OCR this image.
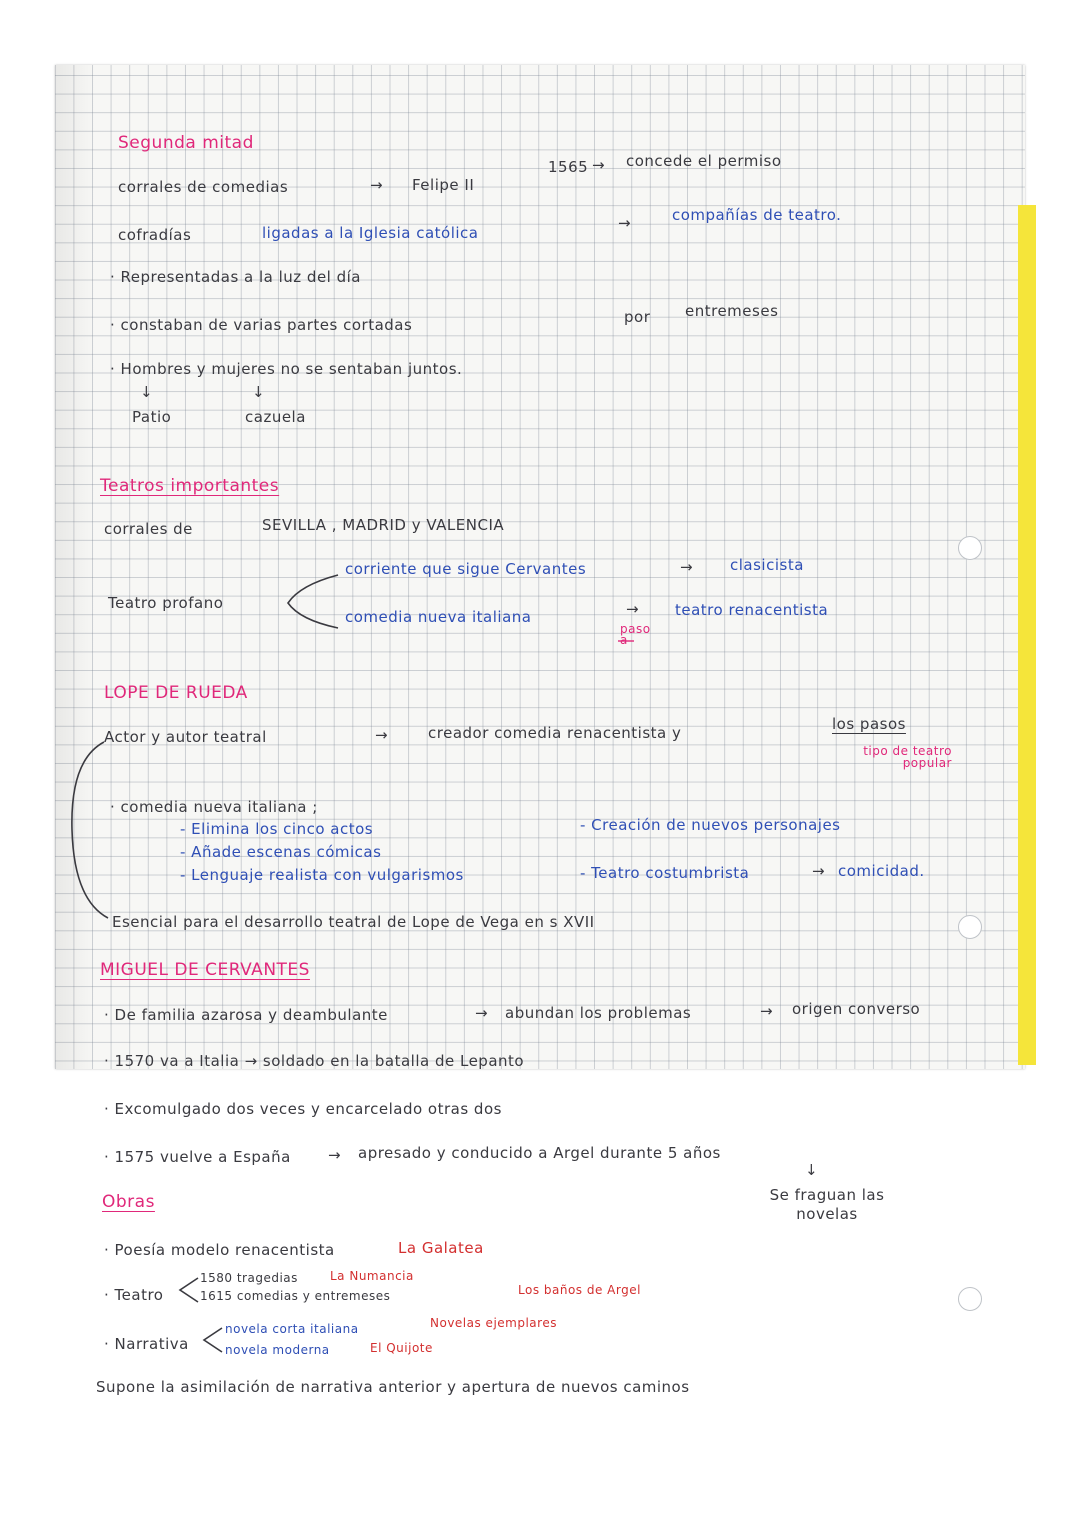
Segunda mitad
corrales de comedias	→ Felipe II
1565 → concede el permiso
cofradías	ligadas a la Iglesia católica
→	compañías de teatro.
· Representadas a la luz del día
· constaban de varias partes cortadas	por entremeses
· Hombres y mujeres no se sentaban juntos.
↓	↓
Patio	cazuela
Teatros importantes
corrales de	SEVILLA , MADRID y VALENCIA
Teatro profano
corriente que sigue Cervantes	→ clasicista
comedia nueva italiana	→ teatro renacentista
paso a
LOPE DE RUEDA
Actor y autor teatral	→	creador comedia renacentista y	los pasos
tipo de teatro popular
· comedia nueva italiana ;
- Elimina los cinco actos
- Añade escenas cómicas
- Lenguaje realista con vulgarismos
- Creación de nuevos personajes
- Teatro costumbrista	→ comicidad.
Esencial para el desarrollo teatral de Lope de Vega en s XVII
MIGUEL DE CERVANTES
· De familia azarosa y deambulante	→ abundan los problemas	→ origen converso
· 1570 va a Italia → soldado en la batalla de Lepanto
· Excomulgado dos veces y encarcelado otras dos
· 1575 vuelve a España → apresado y conducido a Argel durante 5 años
↓
Se fraguan las novelas
Obras
· Poesía modelo renacentista	La Galatea
· Teatro
1580 tragedias	La Numancia
1615 comedias y entremeses	Los baños de Argel
· Narrativa
novela corta italiana	Novelas ejemplares
novela moderna	El Quijote
Supone la asimilación de narrativa anterior y apertura de nuevos caminos
